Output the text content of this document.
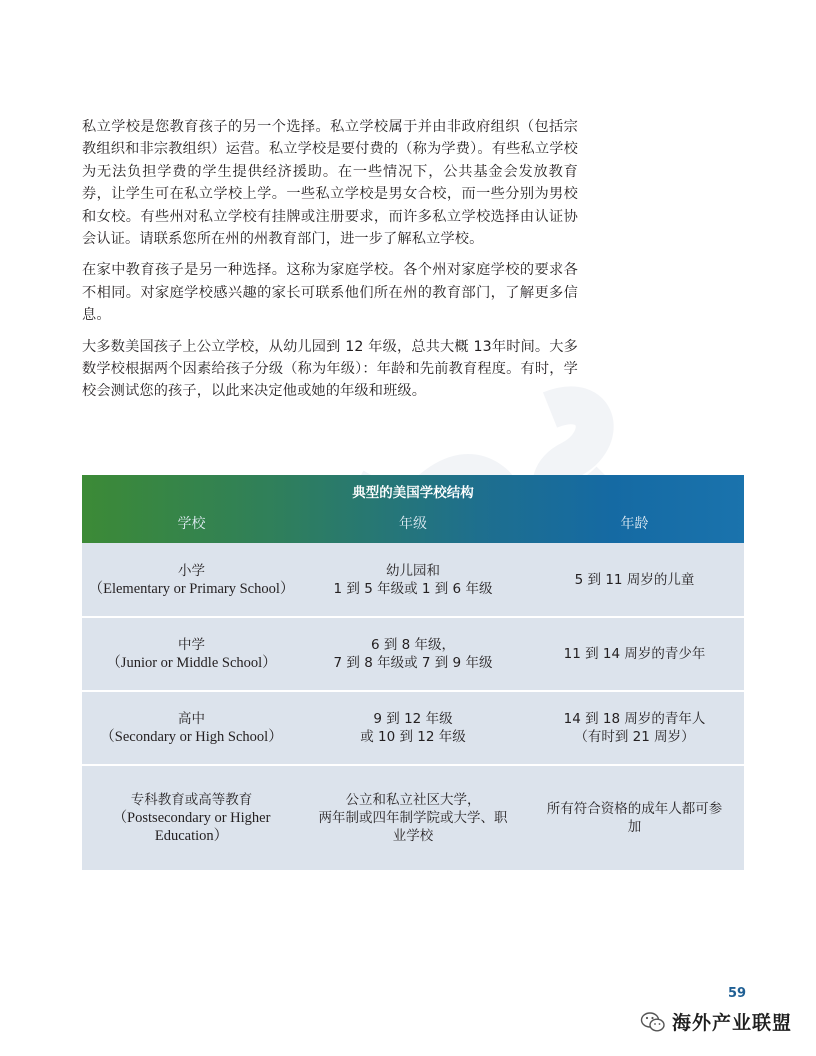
私立学校是您教育孩子的另一个选择。私立学校属于并由非政府组织（包括宗教组织和非宗教组织）运营。私立学校是要付费的（称为学费）。有些私立学校为无法负担学费的学生提供经济援助。在一些情况下，公共基金会发放教育券，让学生可在私立学校上学。一些私立学校是男女合校，而一些分别为男校和女校。有些州对私立学校有挂牌或注册要求，而许多私立学校选择由认证协会认证。请联系您所在州的州教育部门，进一步了解私立学校。

在家中教育孩子是另一种选择。这称为家庭学校。各个州对家庭学校的要求各不相同。对家庭学校感兴趣的家长可联系他们所在州的教育部门，了解更多信息。

大多数美国孩子上公立学校，从幼儿园到 12 年级，总共大概 13年时间。大多数学校根据两个因素给孩子分级（称为年级）：年龄和先前教育程度。有时，学校会测试您的孩子，以此来决定他或她的年级和班级。

典型的美国学校结构
学校	年级	年龄
小学
（Elementary or Primary School）
幼儿园和
1 到 5 年级或 1 到 6 年级
5 到 11 周岁的儿童
中学
（Junior or Middle School）
6 到 8 年级，
7 到 8 年级或 7 到 9 年级
11 到 14 周岁的青少年
高中
（Secondary or High School）
9 到 12 年级
或 10 到 12 年级
14 到 18 周岁的青年人
（有时到 21 周岁）
专科教育或高等教育
（Postsecondary or Higher
Education）
公立和私立社区大学，
两年制或四年制学院或大学、职
业学校
所有符合资格的成年人都可参
加
59
海外产业联盟
